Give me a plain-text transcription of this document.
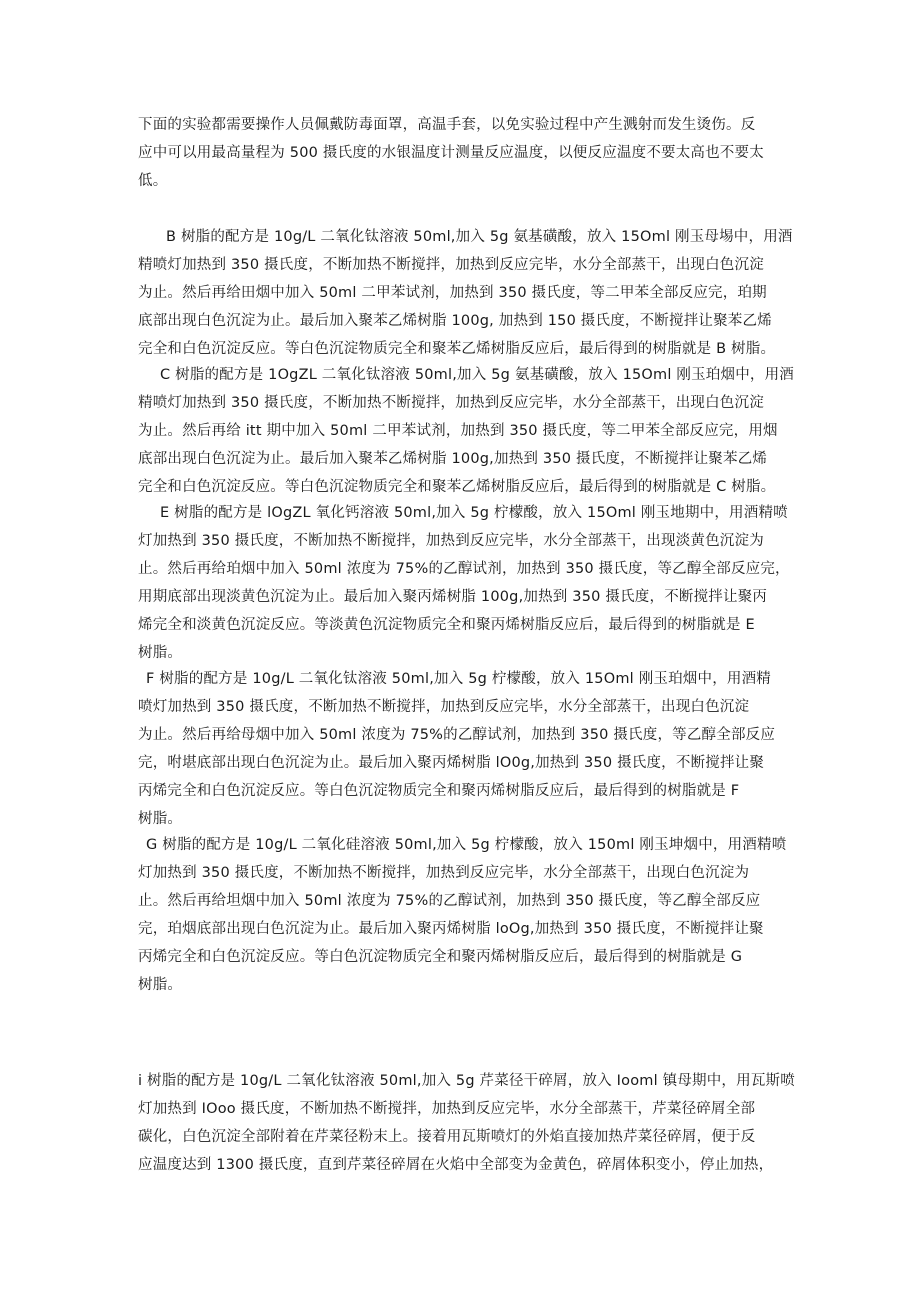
下面的实验都需要操作人员佩戴防毒面罩，高温手套，以免实验过程中产生溅射而发生烫伤。反
应中可以用最高量程为 500 摄氏度的水银温度计测量反应温度，以便反应温度不要太高也不要太
低。
B 树脂的配方是 10g/L 二氧化钛溶液 50ml,加入 5g 氨基磺酸，放入 15Oml 刚玉母埸中，用酒
精喷灯加热到 350 摄氏度，不断加热不断搅拌，加热到反应完毕，水分全部蒸干，出现白色沉淀
为止。然后再给田烟中加入 50ml 二甲苯试剂，加热到 350 摄氏度，等二甲苯全部反应完，珀期
底部出现白色沉淀为止。最后加入聚苯乙烯树脂 100g, 加热到 150 摄氏度，不断搅拌让聚苯乙烯
完全和白色沉淀反应。等白色沉淀物质完全和聚苯乙烯树脂反应后，最后得到的树脂就是 B 树脂。
C 树脂的配方是 1OgZL 二氧化钛溶液 50ml,加入 5g 氨基磺酸，放入 15Oml 刚玉珀烟中，用酒
精喷灯加热到 350 摄氏度，不断加热不断搅拌，加热到反应完毕，水分全部蒸干，出现白色沉淀
为止。然后再给 itt 期中加入 50ml 二甲苯试剂，加热到 350 摄氏度，等二甲苯全部反应完，用烟
底部出现白色沉淀为止。最后加入聚苯乙烯树脂 100g,加热到 350 摄氏度，不断搅拌让聚苯乙烯
完全和白色沉淀反应。等白色沉淀物质完全和聚苯乙烯树脂反应后，最后得到的树脂就是 C 树脂。
E 树脂的配方是 lOgZL 氧化钙溶液 50ml,加入 5g 柠檬酸，放入 15Oml 刚玉地期中，用酒精喷
灯加热到 350 摄氏度，不断加热不断搅拌，加热到反应完毕，水分全部蒸干，出现淡黄色沉淀为
止。然后再给珀烟中加入 50ml 浓度为 75%的乙醇试剂，加热到 350 摄氏度，等乙醇全部反应完，
用期底部出现淡黄色沉淀为止。最后加入聚丙烯树脂 100g,加热到 350 摄氏度，不断搅拌让聚丙
烯完全和淡黄色沉淀反应。等淡黄色沉淀物质完全和聚丙烯树脂反应后，最后得到的树脂就是 E
树脂。
F 树脂的配方是 10g/L 二氧化钛溶液 50ml,加入 5g 柠檬酸，放入 15Oml 刚玉珀烟中，用酒精
喷灯加热到 350 摄氏度，不断加热不断搅拌，加热到反应完毕，水分全部蒸干，出现白色沉淀
为止。然后再给母烟中加入 50ml 浓度为 75%的乙醇试剂，加热到 350 摄氏度，等乙醇全部反应
完，咐堪底部出现白色沉淀为止。最后加入聚丙烯树脂 lO0g,加热到 350 摄氏度，不断搅拌让聚
丙烯完全和白色沉淀反应。等白色沉淀物质完全和聚丙烯树脂反应后，最后得到的树脂就是 F
树脂。
G 树脂的配方是 10g/L 二氧化硅溶液 50ml,加入 5g 柠檬酸，放入 150ml 刚玉坤烟中，用酒精喷
灯加热到 350 摄氏度，不断加热不断搅拌，加热到反应完毕，水分全部蒸干，出现白色沉淀为
止。然后再给坦烟中加入 50ml 浓度为 75%的乙醇试剂，加热到 350 摄氏度，等乙醇全部反应
完，珀烟底部出现白色沉淀为止。最后加入聚丙烯树脂 loOg,加热到 350 摄氏度，不断搅拌让聚
丙烯完全和白色沉淀反应。等白色沉淀物质完全和聚丙烯树脂反应后，最后得到的树脂就是 G
树脂。
i 树脂的配方是 10g/L 二氧化钛溶液 50ml,加入 5g 芹菜径干碎屑，放入 Iooml 镇母期中，用瓦斯喷
灯加热到 IOoo 摄氏度，不断加热不断搅拌，加热到反应完毕，水分全部蒸干，芹菜径碎屑全部
碳化，白色沉淀全部附着在芹菜径粉末上。接着用瓦斯喷灯的外焰直接加热芹菜径碎屑，便于反
应温度达到 1300 摄氏度，直到芹菜径碎屑在火焰中全部变为金黄色，碎屑体积变小，停止加热，
